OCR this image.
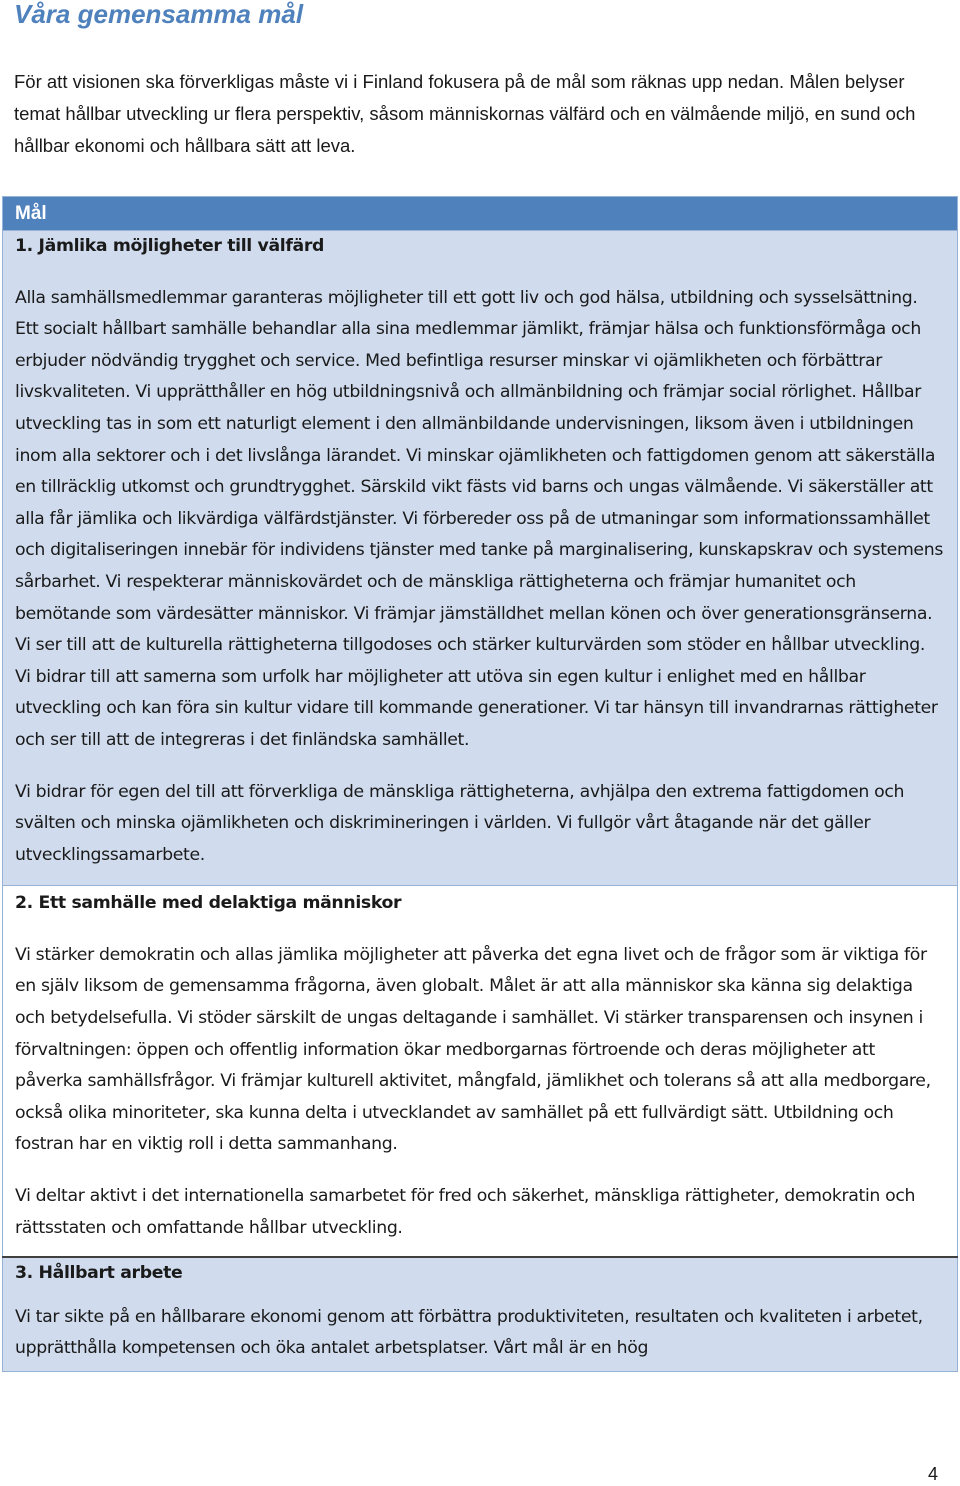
Våra gemensamma mål

För att visionen ska förverkligas måste vi i Finland fokusera på de mål som räknas upp nedan. Målen belyser temat hållbar utveckling ur flera perspektiv, såsom människornas välfärd och en välmående miljö, en sund och hållbar ekonomi och hållbara sätt att leva.

Mål

1. Jämlika möjligheter till välfärd

Alla samhällsmedlemmar garanteras möjligheter till ett gott liv och god hälsa, utbildning och sysselsättning. Ett socialt hållbart samhälle behandlar alla sina medlemmar jämlikt, främjar hälsa och funktionsförmåga och erbjuder nödvändig trygghet och service. Med befintliga resurser minskar vi ojämlikheten och förbättrar livskvaliteten. Vi upprätthåller en hög utbildningsnivå och allmänbildning och främjar social rörlighet. Hållbar utveckling tas in som ett naturligt element i den allmänbildande undervisningen, liksom även i utbildningen inom alla sektorer och i det livslånga lärandet. Vi minskar ojämlikheten och fattigdomen genom att säkerställa en tillräcklig utkomst och grundtrygghet. Särskild vikt fästs vid barns och ungas välmående. Vi säkerställer att alla får jämlika och likvärdiga välfärdstjänster. Vi förbereder oss på de utmaningar som informationssamhället och digitaliseringen innebär för individens tjänster med tanke på marginalisering, kunskapskrav och systemens sårbarhet. Vi respekterar människovärdet och de mänskliga rättigheterna och främjar humanitet och bemötande som värdesätter människor. Vi främjar jämställdhet mellan könen och över generationsgränserna. Vi ser till att de kulturella rättigheterna tillgodoses och stärker kulturvärden som stöder en hållbar utveckling. Vi bidrar till att samerna som urfolk har möjligheter att utöva sin egen kultur i enlighet med en hållbar utveckling och kan föra sin kultur vidare till kommande generationer. Vi tar hänsyn till invandrarnas rättigheter och ser till att de integreras i det finländska samhället.

Vi bidrar för egen del till att förverkliga de mänskliga rättigheterna, avhjälpa den extrema fattigdomen och svälten och minska ojämlikheten och diskrimineringen i världen. Vi fullgör vårt åtagande när det gäller utvecklingssamarbete.

2. Ett samhälle med delaktiga människor

Vi stärker demokratin och allas jämlika möjligheter att påverka det egna livet och de frågor som är viktiga för en själv liksom de gemensamma frågorna, även globalt. Målet är att alla människor ska känna sig delaktiga och betydelsefulla. Vi stöder särskilt de ungas deltagande i samhället. Vi stärker transparensen och insynen i förvaltningen: öppen och offentlig information ökar medborgarnas förtroende och deras möjligheter att påverka samhällsfrågor. Vi främjar kulturell aktivitet, mångfald, jämlikhet och tolerans så att alla medborgare, också olika minoriteter, ska kunna delta i utvecklandet av samhället på ett fullvärdigt sätt. Utbildning och fostran har en viktig roll i detta sammanhang.

Vi deltar aktivt i det internationella samarbetet för fred och säkerhet, mänskliga rättigheter, demokratin och rättsstaten och omfattande hållbar utveckling.

3. Hållbart arbete

Vi tar sikte på en hållbarare ekonomi genom att förbättra produktiviteten, resultaten och kvaliteten i arbetet, upprätthålla kompetensen och öka antalet arbetsplatser. Vårt mål är en hög

4
